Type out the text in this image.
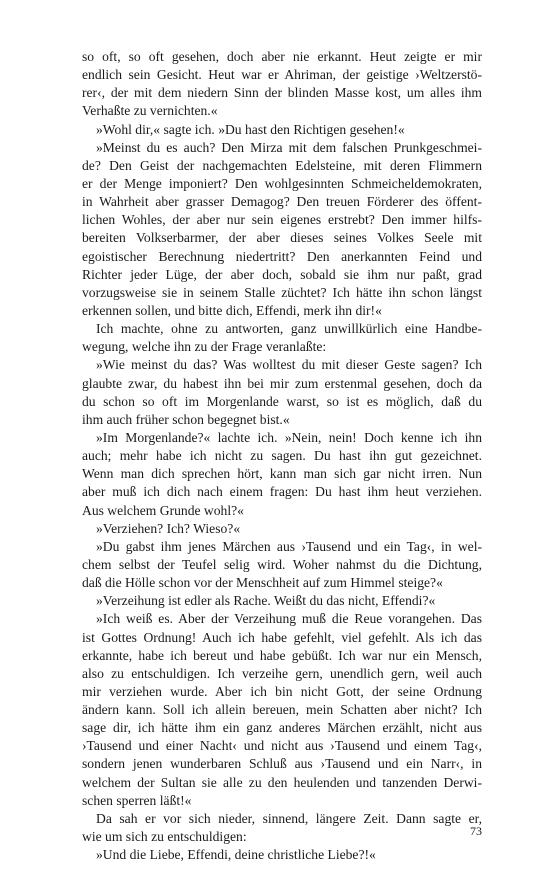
so oft, so oft gesehen, doch aber nie erkannt. Heut zeigte er mir
endlich sein Gesicht. Heut war er Ahriman, der geistige ›Weltzerstö-
rer‹, der mit dem niedern Sinn der blinden Masse kost, um alles ihm
Verhaßte zu vernichten.«
»Wohl dir,« sagte ich. »Du hast den Richtigen gesehen!«
»Meinst du es auch? Den Mirza mit dem falschen Prunkgeschmei-
de? Den Geist der nachgemachten Edelsteine, mit deren Flimmern
er der Menge imponiert? Den wohlgesinnten Schmeicheldemokraten,
in Wahrheit aber grasser Demagog? Den treuen Förderer des öffent-
lichen Wohles, der aber nur sein eigenes erstrebt? Den immer hilfs-
bereiten Volkserbarmer, der aber dieses seines Volkes Seele mit
egoistischer Berechnung niedertritt? Den anerkannten Feind und
Richter jeder Lüge, der aber doch, sobald sie ihm nur paßt, grad
vorzugsweise sie in seinem Stalle züchtet? Ich hätte ihn schon längst
erkennen sollen, und bitte dich, Effendi, merk ihn dir!«
Ich machte, ohne zu antworten, ganz unwillkürlich eine Handbe-
wegung, welche ihn zu der Frage veranlaßte:
»Wie meinst du das? Was wolltest du mit dieser Geste sagen? Ich
glaubte zwar, du habest ihn bei mir zum erstenmal gesehen, doch da
du schon so oft im Morgenlande warst, so ist es möglich, daß du
ihm auch früher schon begegnet bist.«
»Im Morgenlande?« lachte ich. »Nein, nein! Doch kenne ich ihn
auch; mehr habe ich nicht zu sagen. Du hast ihn gut gezeichnet.
Wenn man dich sprechen hört, kann man sich gar nicht irren. Nun
aber muß ich dich nach einem fragen: Du hast ihm heut verziehen.
Aus welchem Grunde wohl?«
»Verziehen? Ich? Wieso?«
»Du gabst ihm jenes Märchen aus ›Tausend und ein Tag‹, in wel-
chem selbst der Teufel selig wird. Woher nahmst du die Dichtung,
daß die Hölle schon vor der Menschheit auf zum Himmel steige?«
»Verzeihung ist edler als Rache. Weißt du das nicht, Effendi?«
»Ich weiß es. Aber der Verzeihung muß die Reue vorangehen. Das
ist Gottes Ordnung! Auch ich habe gefehlt, viel gefehlt. Als ich das
erkannte, habe ich bereut und habe gebüßt. Ich war nur ein Mensch,
also zu entschuldigen. Ich verzeihe gern, unendlich gern, weil auch
mir verziehen wurde. Aber ich bin nicht Gott, der seine Ordnung
ändern kann. Soll ich allein bereuen, mein Schatten aber nicht? Ich
sage dir, ich hätte ihm ein ganz anderes Märchen erzählt, nicht aus
›Tausend und einer Nacht‹ und nicht aus ›Tausend und einem Tag‹,
sondern jenen wunderbaren Schluß aus ›Tausend und ein Narr‹, in
welchem der Sultan sie alle zu den heulenden und tanzenden Derwi-
schen sperren läßt!«
Da sah er vor sich nieder, sinnend, längere Zeit. Dann sagte er,
wie um sich zu entschuldigen:
»Und die Liebe, Effendi, deine christliche Liebe?!«
73
